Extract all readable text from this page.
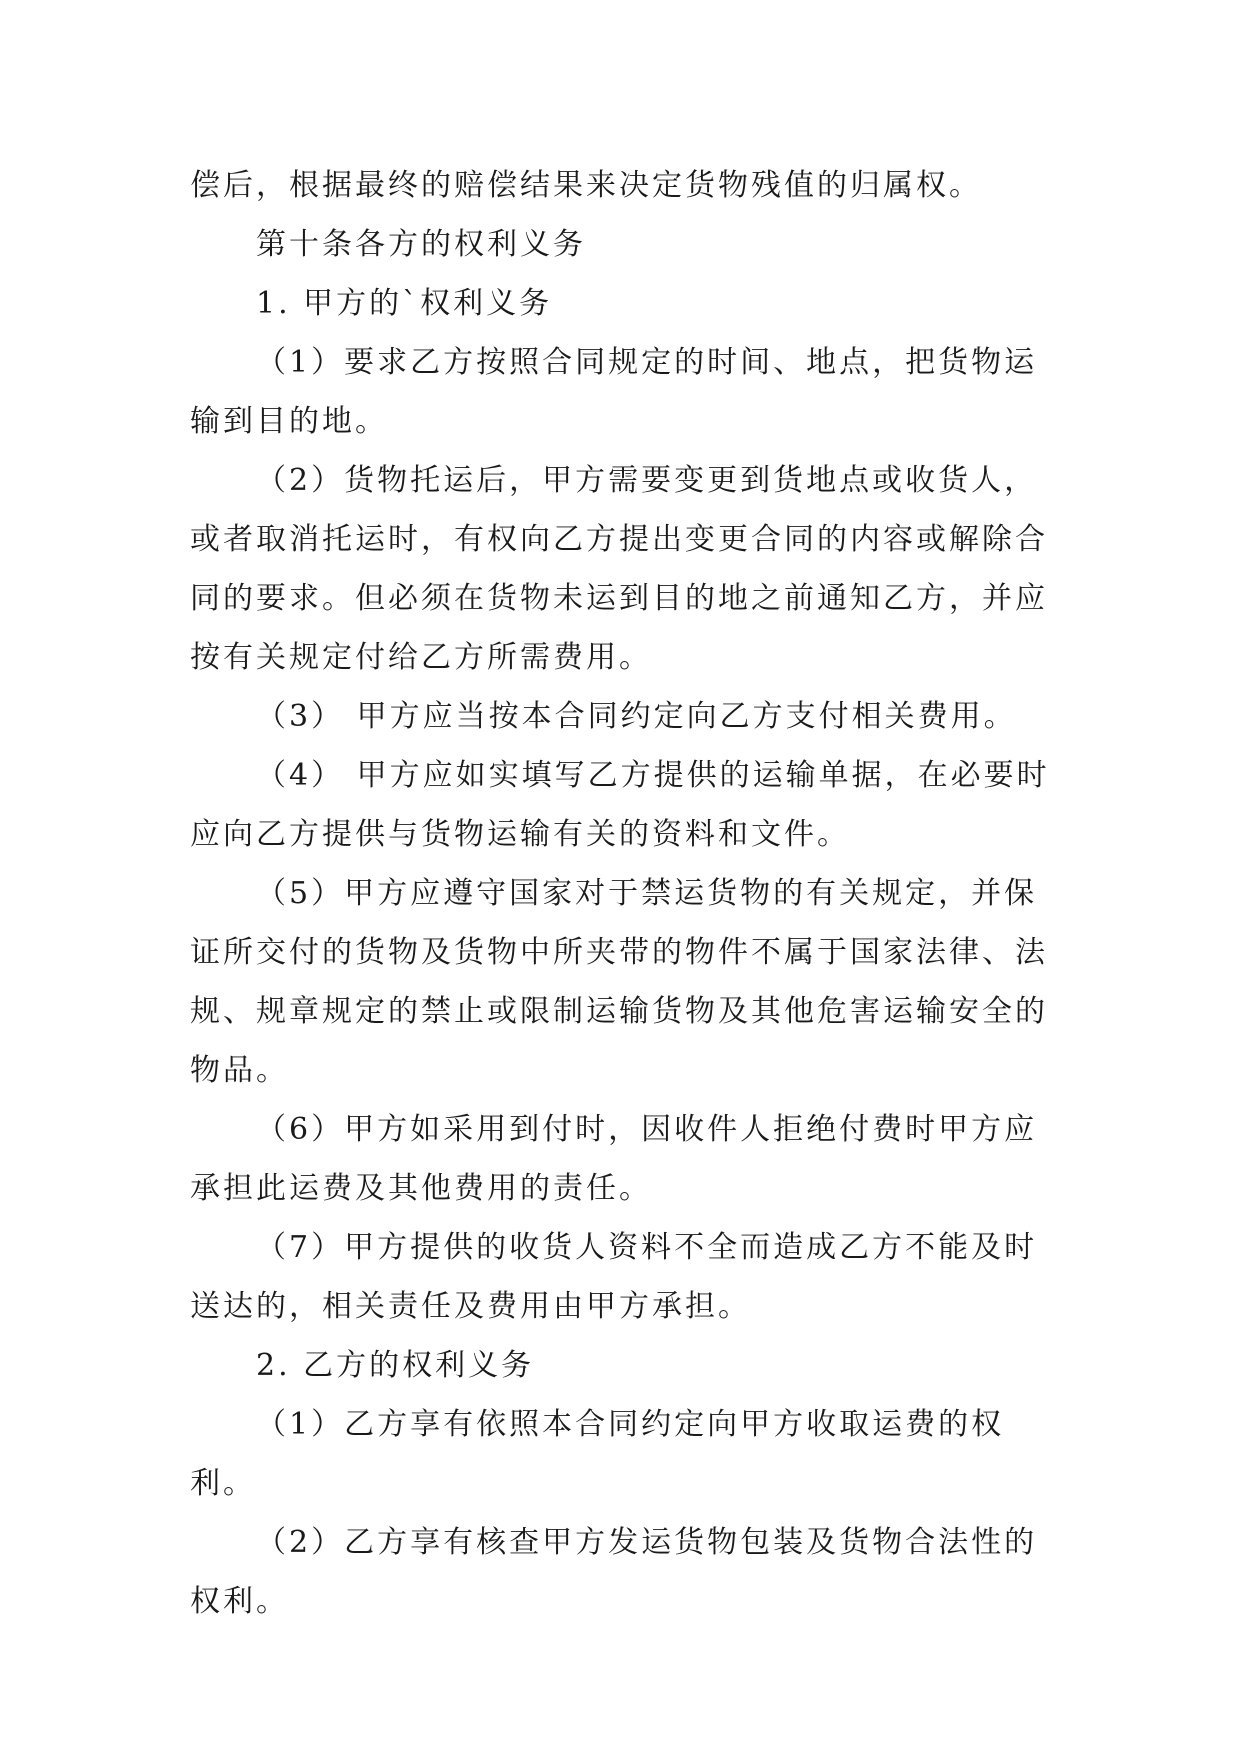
偿后，根据最终的赔偿结果来决定货物残值的归属权。

第十条各方的权利义务

1. 甲方的`权利义务

（1）要求乙方按照合同规定的时间、地点，把货物运输到目的地。

（2）货物托运后，甲方需要变更到货地点或收货人，或者取消托运时，有权向乙方提出变更合同的内容或解除合同的要求。但必须在货物未运到目的地之前通知乙方，并应按有关规定付给乙方所需费用。

（3） 甲方应当按本合同约定向乙方支付相关费用。

（4） 甲方应如实填写乙方提供的运输单据，在必要时应向乙方提供与货物运输有关的资料和文件。

（5）甲方应遵守国家对于禁运货物的有关规定，并保证所交付的货物及货物中所夹带的物件不属于国家法律、法规、规章规定的禁止或限制运输货物及其他危害运输安全的物品。

（6）甲方如采用到付时，因收件人拒绝付费时甲方应承担此运费及其他费用的责任。

（7）甲方提供的收货人资料不全而造成乙方不能及时送达的，相关责任及费用由甲方承担。

2. 乙方的权利义务

（1）乙方享有依照本合同约定向甲方收取运费的权利。

（2）乙方享有核查甲方发运货物包装及货物合法性的权利。
